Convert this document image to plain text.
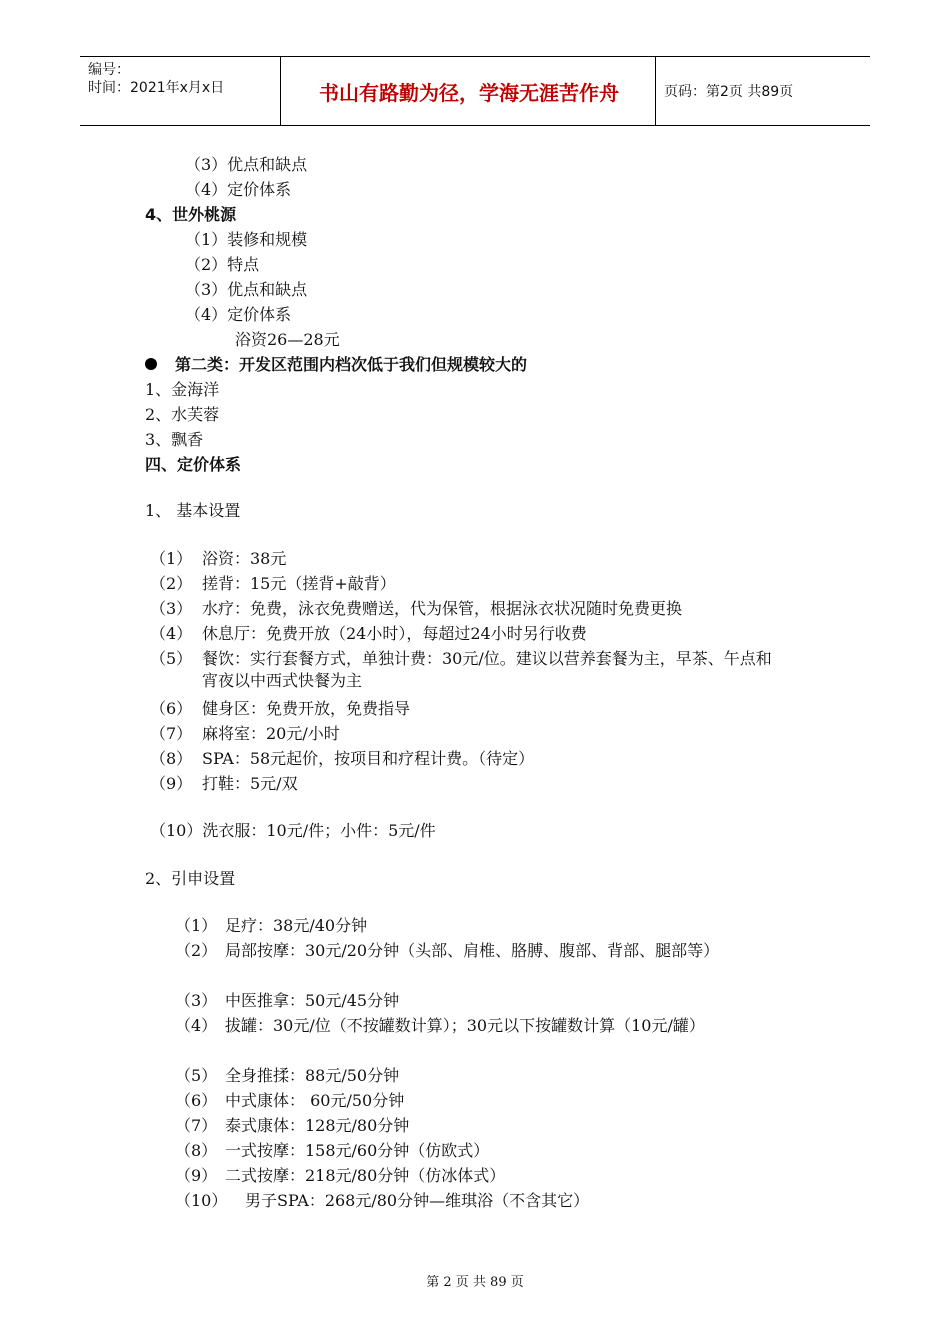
编号：
时间：2021年x月x日	书山有路勤为径，学海无涯苦作舟	页码：第2页 共89页
（3）优点和缺点
（4）定价体系
4、世外桃源
（1）装修和规模
（2）特点
（3）优点和缺点
（4）定价体系
浴资26—28元
第二类：开发区范围内档次低于我们但规模较大的
1、金海洋
2、水芙蓉
3、飘香
四、定价体系
1、 基本设置
（1） 浴资：38元
（2） 搓背：15元（搓背+敲背）
（3） 水疗：免费，泳衣免费赠送，代为保管，根据泳衣状况随时免费更换
（4） 休息厅：免费开放（24小时），每超过24小时另行收费
（5） 餐饮：实行套餐方式，单独计费：30元/位。建议以营养套餐为主，早茶、午点和宵夜以中西式快餐为主
（6） 健身区：免费开放，免费指导
（7） 麻将室：20元/小时
（8） SPA：58元起价，按项目和疗程计费。（待定）
（9） 打鞋：5元/双
（10）洗衣服：10元/件；小件：5元/件
2、引申设置
（1） 足疗：38元/40分钟
（2） 局部按摩：30元/20分钟（头部、肩椎、胳膊、腹部、背部、腿部等）
（3） 中医推拿：50元/45分钟
（4） 拔罐：30元/位（不按罐数计算）；30元以下按罐数计算（10元/罐）
（5） 全身推揉：88元/50分钟
（6） 中式康体： 60元/50分钟
（7） 泰式康体：128元/80分钟
（8） 一式按摩：158元/60分钟（仿欧式）
（9） 二式按摩：218元/80分钟（仿冰体式）
（10） 男子SPA：268元/80分钟—维琪浴（不含其它）
第 2 页 共 89 页
